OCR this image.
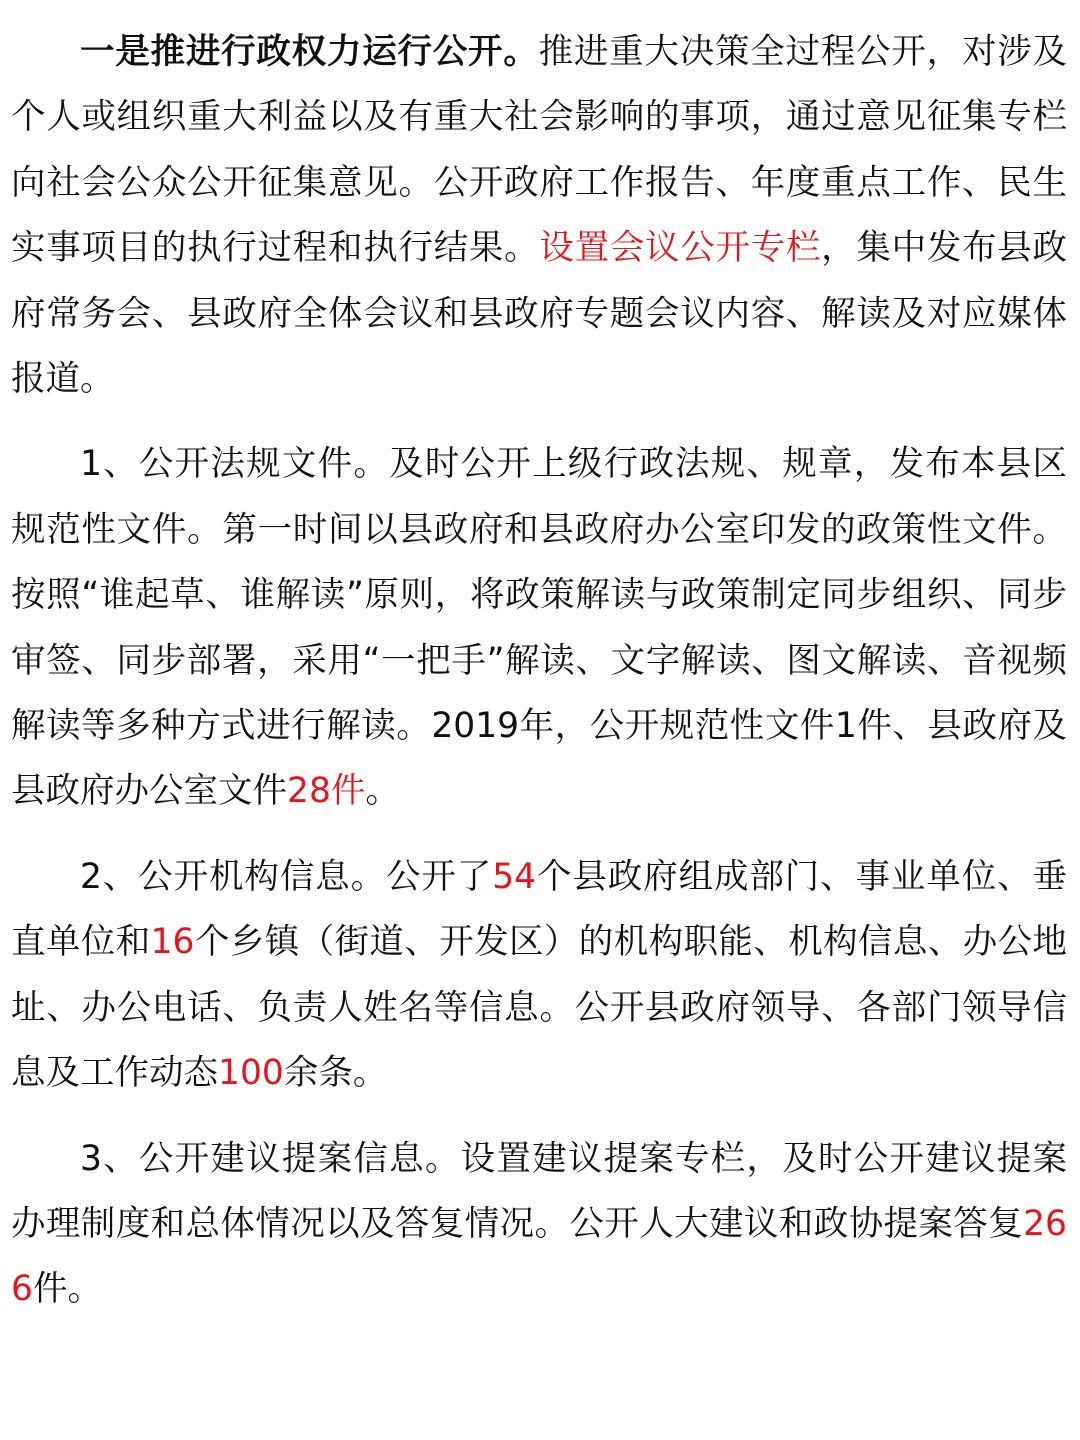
一是推进行政权力运行公开。推进重大决策全过程公开，对涉及个人或组织重大利益以及有重大社会影响的事项，通过意见征集专栏向社会公众公开征集意见。公开政府工作报告、年度重点工作、民生实事项目的执行过程和执行结果。设置会议公开专栏，集中发布县政府常务会、县政府全体会议和县政府专题会议内容、解读及对应媒体报道。

1、公开法规文件。及时公开上级行政法规、规章，发布本县区规范性文件。第一时间以县政府和县政府办公室印发的政策性文件。按照“谁起草、谁解读”原则，将政策解读与政策制定同步组织、同步审签、同步部署，采用“一把手”解读、文字解读、图文解读、音视频解读等多种方式进行解读。2019年，公开规范性文件1件、县政府及县政府办公室文件28件。

2、公开机构信息。公开了54个县政府组成部门、事业单位、垂直单位和16个乡镇（街道、开发区）的机构职能、机构信息、办公地址、办公电话、负责人姓名等信息。公开县政府领导、各部门领导信息及工作动态100余条。

3、公开建议提案信息。设置建议提案专栏，及时公开建议提案办理制度和总体情况以及答复情况。公开人大建议和政协提案答复266件。
